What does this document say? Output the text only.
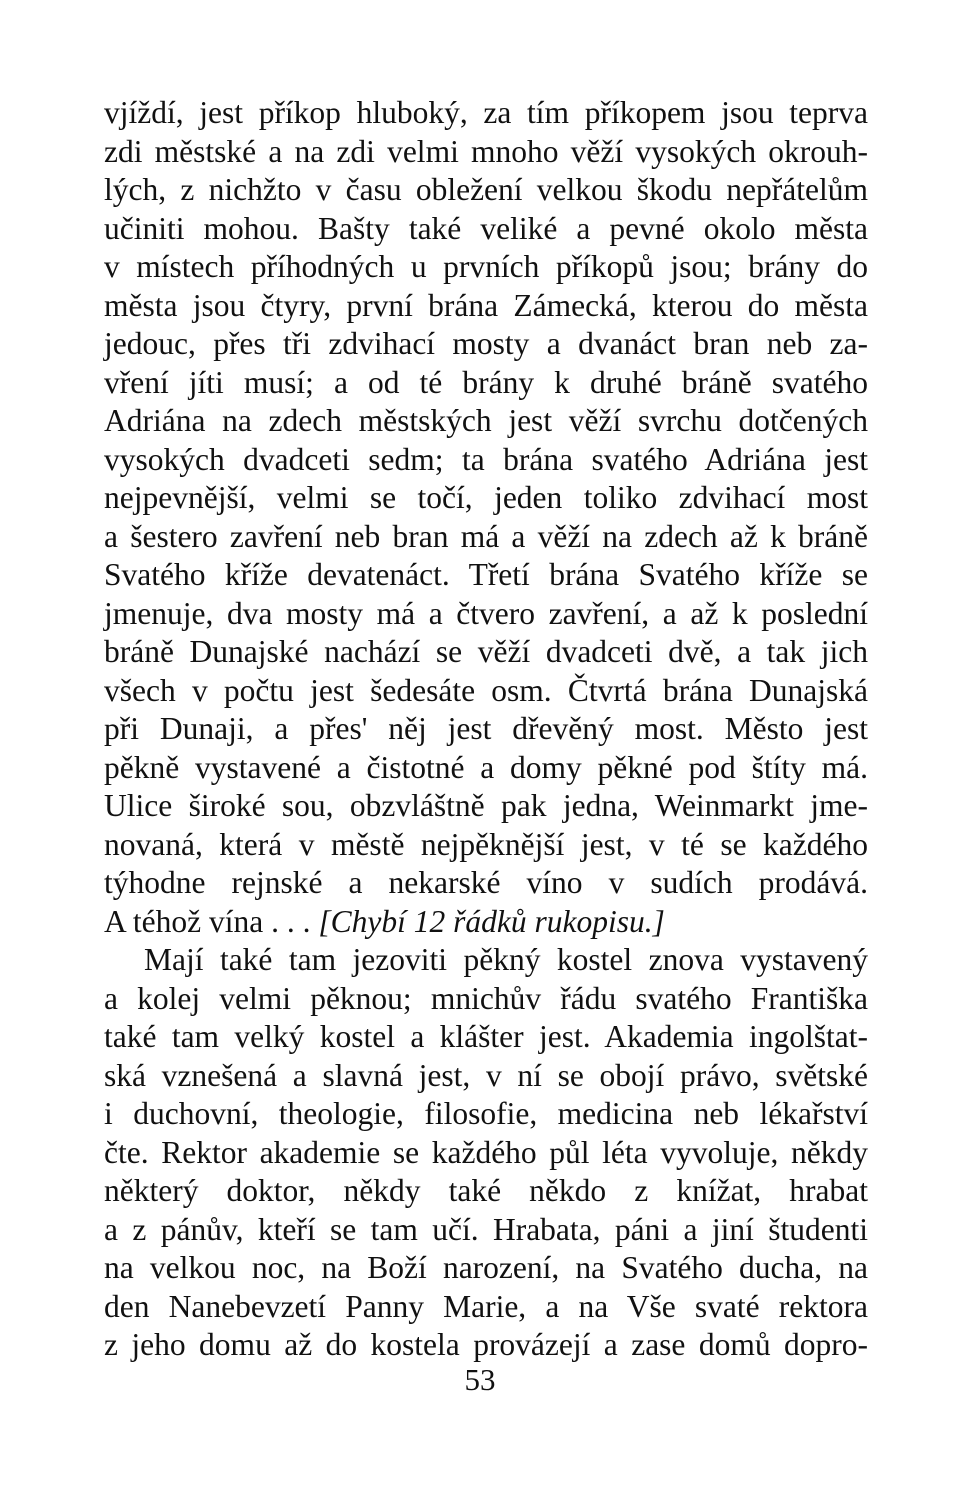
vjíždí, jest příkop hluboký, za tím příkopem jsou teprva
zdi městské a na zdi velmi mnoho věží vysokých okrouh-
lých, z nichžto v času obležení velkou škodu nepřátelům
učiniti mohou. Bašty také veliké a pevné okolo města
v místech příhodných u prvních příkopů jsou; brány do
města jsou čtyry, první brána Zámecká, kterou do města
jedouc, přes tři zdvihací mosty a dvanáct bran neb za-
vření jíti musí; a od té brány k druhé bráně svatého
Adriána na zdech městských jest věží svrchu dotčených
vysokých dvadceti sedm; ta brána svatého Adriána jest
nejpevnější, velmi se točí, jeden toliko zdvihací most
a šestero zavření neb bran má a věží na zdech až k bráně
Svatého kříže devatenáct. Třetí brána Svatého kříže se
jmenuje, dva mosty má a čtvero zavření, a až k poslední
bráně Dunajské nachází se věží dvadceti dvě, a tak jich
všech v počtu jest šedesáte osm. Čtvrtá brána Dunajská
při Dunaji, a přes' něj jest dřevěný most. Město jest
pěkně vystavené a čistotné a domy pěkné pod štíty má.
Ulice široké sou, obzvláštně pak jedna, Weinmarkt jme-
novaná, která v městě nejpěknější jest, v té se každého
týhodne rejnské a nekarské víno v sudích prodává.
A téhož vína . . . [Chybí 12 řádků rukopisu.]
Mají také tam jezoviti pěkný kostel znova vystavený
a kolej velmi pěknou; mnichův řádu svatého Františka
také tam velký kostel a klášter jest. Akademia ingolštat-
ská vznešená a slavná jest, v ní se obojí právo, světské
i duchovní, theologie, filosofie, medicina neb lékařství
čte. Rektor akademie se každého půl léta vyvoluje, někdy
některý doktor, někdy také někdo z knížat, hrabat
a z pánův, kteří se tam učí. Hrabata, páni a jiní študenti
na velkou noc, na Boží narození, na Svatého ducha, na
den Nanebevzetí Panny Marie, a na Vše svaté rektora
z jeho domu až do kostela provázejí a zase domů dopro-
53
